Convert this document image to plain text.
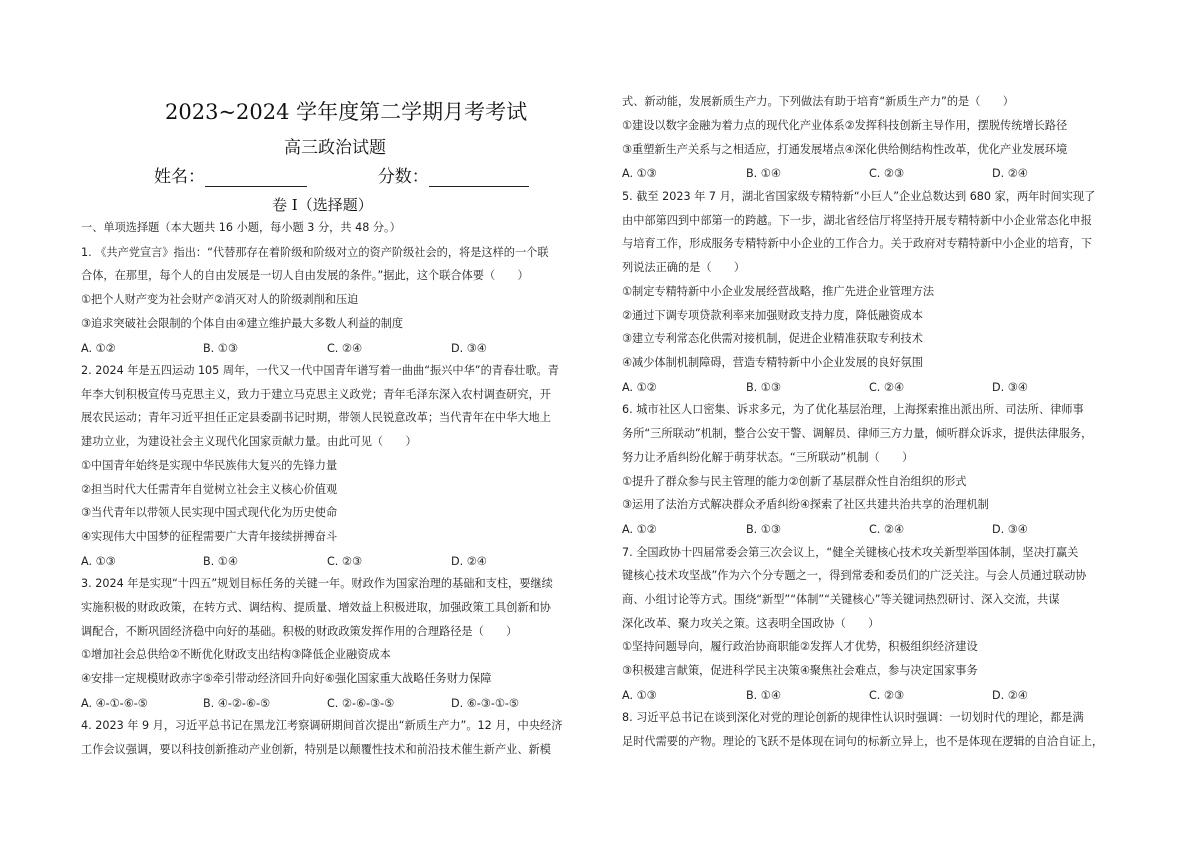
2023~2024 学年度第二学期月考考试
高三政治试题
姓名：	分数：
卷 I（选择题）
一、单项选择题（本大题共 16 小题，每小题 3 分，共 48 分。）
1. 《共产党宣言》指出：“代替那存在着阶级和阶级对立的资产阶级社会的，将是这样的一个联
合体，在那里，每个人的自由发展是一切人自由发展的条件。”据此，这个联合体要（　　）
①把个人财产变为社会财产②消灭对人的阶级剥削和压迫
③追求突破社会限制的个体自由④建立维护最大多数人利益的制度
A. ①②	B. ①③	C. ②④	D. ③④
2. 2024 年是五四运动 105 周年，一代又一代中国青年谱写着一曲曲“振兴中华”的青春壮歌。青
年李大钊积极宣传马克思主义，致力于建立马克思主义政党；青年毛泽东深入农村调查研究，开
展农民运动；青年习近平担任正定县委副书记时期，带领人民锐意改革；当代青年在中华大地上
建功立业，为建设社会主义现代化国家贡献力量。由此可见（　　）
①中国青年始终是实现中华民族伟大复兴的先锋力量
②担当时代大任需青年自觉树立社会主义核心价值观
③当代青年以带领人民实现中国式现代化为历史使命
④实现伟大中国梦的征程需要广大青年接续拼搏奋斗
A. ①③	B. ①④	C. ②③	D. ②④
3. 2024 年是实现“十四五”规划目标任务的关键一年。财政作为国家治理的基础和支柱，要继续
实施积极的财政政策，在转方式、调结构、提质量、增效益上积极进取，加强政策工具创新和协
调配合，不断巩固经济稳中向好的基础。积极的财政政策发挥作用的合理路径是（　　）
①增加社会总供给②不断优化财政支出结构③降低企业融资成本
④安排一定规模财政赤字⑤牵引带动经济回升向好⑥强化国家重大战略任务财力保障
A. ④-①-⑥-⑤	B. ④-②-⑥-⑤	C. ②-⑥-③-⑤	D. ⑥-③-①-⑤
4. 2023 年 9 月，习近平总书记在黑龙江考察调研期间首次提出“新质生产力”。12 月，中央经济
工作会议强调，要以科技创新推动产业创新，特别是以颠覆性技术和前沿技术催生新产业、新模
式、新动能，发展新质生产力。下列做法有助于培育“新质生产力”的是（　　）
①建设以数字金融为着力点的现代化产业体系②发挥科技创新主导作用，摆脱传统增长路径
③重塑新生产关系与之相适应，打通发展堵点④深化供给侧结构性改革，优化产业发展环境
A. ①③	B. ①④	C. ②③	D. ②④
5. 截至 2023 年 7 月，湖北省国家级专精特新“小巨人”企业总数达到 680 家，两年时间实现了
由中部第四到中部第一的跨越。下一步，湖北省经信厅将坚持开展专精特新中小企业常态化申报
与培育工作，形成服务专精特新中小企业的工作合力。关于政府对专精特新中小企业的培育，下
列说法正确的是（　　）
①制定专精特新中小企业发展经营战略，推广先进企业管理方法
②通过下调专项贷款利率来加强财政支持力度，降低融资成本
③建立专利常态化供需对接机制，促进企业精准获取专利技术
④减少体制机制障碍，营造专精特新中小企业发展的良好氛围
A. ①②	B. ①③	C. ②④	D. ③④
6. 城市社区人口密集、诉求多元，为了优化基层治理，上海探索推出派出所、司法所、律师事
务所“三所联动”机制，整合公安干警、调解员、律师三方力量，倾听群众诉求，提供法律服务，
努力让矛盾纠纷化解于萌芽状态。“三所联动”机制（　　）
①提升了群众参与民主管理的能力②创新了基层群众性自治组织的形式
③运用了法治方式解决群众矛盾纠纷④探索了社区共建共治共享的治理机制
A. ①②	B. ①③	C. ②④	D. ③④
7. 全国政协十四届常委会第三次会议上，“健全关键核心技术攻关新型举国体制，坚决打赢关
键核心技术攻坚战”作为六个分专题之一，得到常委和委员们的广泛关注。与会人员通过联动协
商、小组讨论等方式。围绕“新型”“体制”“关键核心”等关键词热烈研讨、深入交流，共谋
深化改革、聚力攻关之策。这表明全国政协（　　）
①坚持问题导向，履行政治协商职能②发挥人才优势，积极组织经济建设
③积极建言献策，促进科学民主决策④聚焦社会难点，参与决定国家事务
A. ①③	B. ①④	C. ②③	D. ②④
8. 习近平总书记在谈到深化对党的理论创新的规律性认识时强调：一切划时代的理论，都是满
足时代需要的产物。理论的飞跃不是体现在词句的标新立异上，也不是体现在逻辑的自洽自证上，
